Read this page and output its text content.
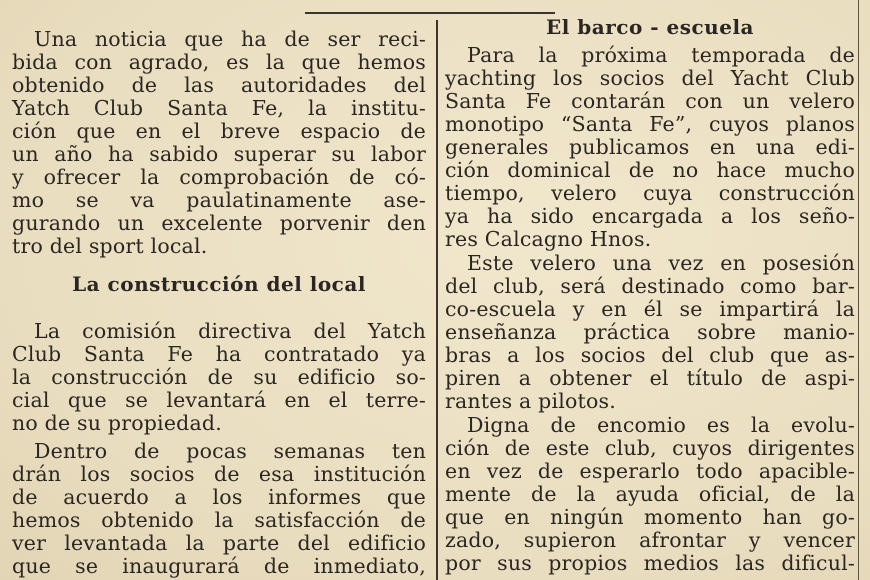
Una noticia que ha de ser reci-
bida con agrado, es la que hemos
obtenido de las autoridades del
Yatch Club Santa Fe, la institu-
ción que en el breve espacio de
un año ha sabido superar su labor
y ofrecer la comprobación de có-
mo se va paulatinamente ase-
gurando un excelente porvenir den
tro del sport local.
La construcción del local
La comisión directiva del Yatch
Club Santa Fe ha contratado ya
la construcción de su edificio so-
cial que se levantará en el terre-
no de su propiedad.
Dentro de pocas semanas ten
drán los socios de esa institución
de acuerdo a los informes que
hemos obtenido la satisfacción de
ver levantada la parte del edificio
que se inaugurará de inmediato,
El barco - escuela
Para la próxima temporada de
yachting los socios del Yacht Club
Santa Fe contarán con un velero
monotipo “Santa Fe”, cuyos planos
generales publicamos en una edi-
ción dominical de no hace mucho
tiempo, velero cuya construcción
ya ha sido encargada a los seño-
res Calcagno Hnos.
Este velero una vez en posesión
del club, será destinado como bar-
co-escuela y en él se impartirá la
enseñanza práctica sobre manio-
bras a los socios del club que as-
piren a obtener el título de aspi-
rantes a pilotos.
Digna de encomio es la evolu-
ción de este club, cuyos dirigentes
en vez de esperarlo todo apacible-
mente de la ayuda oficial, de la
que en ningún momento han go-
zado, supieron afrontar y vencer
por sus propios medios las dificul-
